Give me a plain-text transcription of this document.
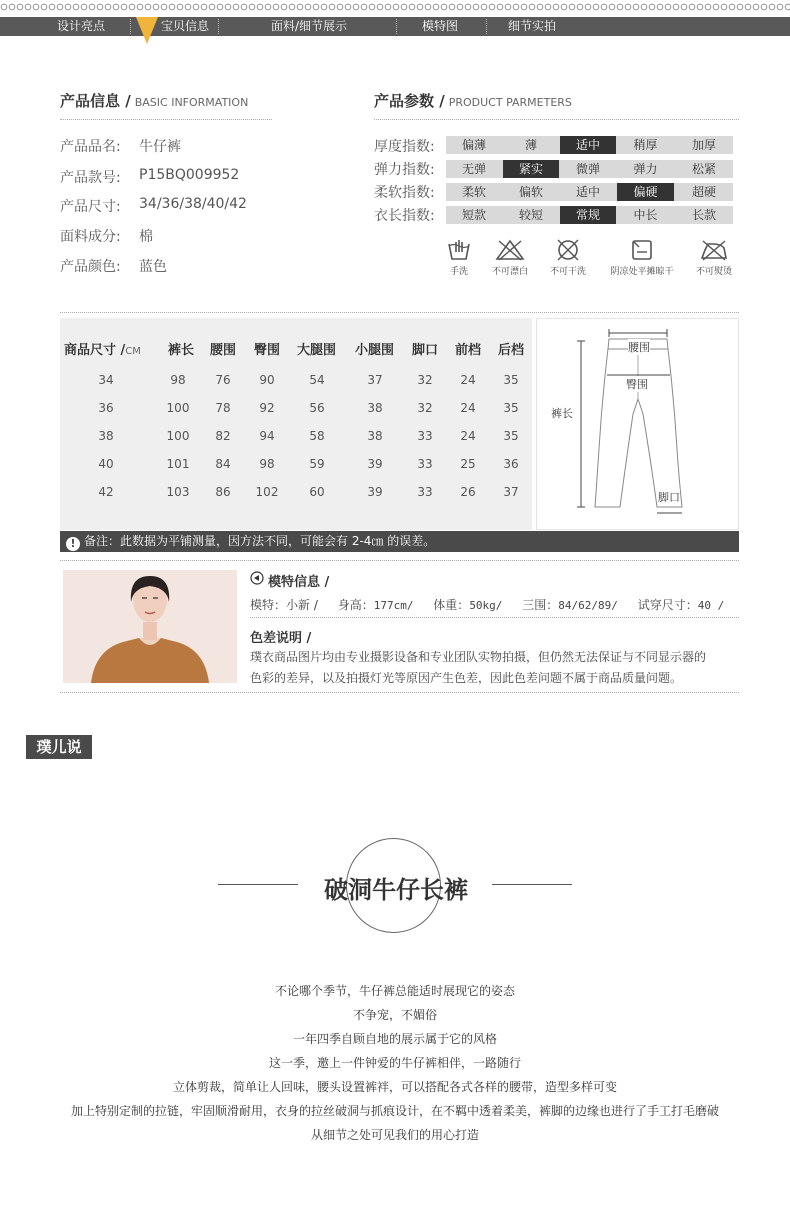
设计亮点	宝贝信息	面料/细节展示	模特图	细节实拍
产品信息 / BASIC INFORMATION
产品品名: 牛仔裤
产品款号: P15BQ009952
产品尺寸: 34/36/38/40/42
面料成分: 棉
产品颜色: 蓝色
产品参数 / PRODUCT PARMETERS
厚度指数:	偏薄	薄	适中	稍厚	加厚
弹力指数:	无弹	紧实	微弹	弹力	松紧
柔软指数:	柔软	偏软	适中	偏硬	超硬
衣长指数:	短款	较短	常规	中长	长款
手洗	不可漂白	不可干洗	阴凉处平摊晾干	不可熨烫
商品尺寸 /CM 裤长 腰围 臀围 大腿围 小腿围 脚口 前档 后档
34	98	76	90	54	37	32	24	35
36	100	78	92	56	38	32	24	35
38	100	82	94	58	38	33	24	35
40	101	84	98	59	39	33	25	36
42	103	86	102	60	39	33	26	37
腰围
臀围
裤长
脚口
! 备注：此数据为平铺测量，因方法不同，可能会有 2-4㎝ 的误差。
模特信息 /
模特：小新 / 身高：177cm/ 体重：50kg/ 三围：84/62/89/ 试穿尺寸：40 /
色差说明 /
璞衣商品图片均由专业摄影设备和专业团队实物拍摄，但仍然无法保证与不同显示器的
色彩的差异，以及拍摄灯光等原因产生色差，因此色差问题不属于商品质量问题。
璞儿说
破洞牛仔长裤
不论哪个季节，牛仔裤总能适时展现它的姿态
不争宠，不媚俗
一年四季自顾自地的展示属于它的风格
这一季，邀上一件钟爱的牛仔裤相伴，一路随行
立体剪裁，简单让人回味，腰头设置裤袢，可以搭配各式各样的腰带，造型多样可变
加上特别定制的拉链，牢固顺滑耐用，衣身的拉丝破洞与抓痕设计，在不羁中透着柔美，裤脚的边缘也进行了手工打毛磨破
从细节之处可见我们的用心打造
